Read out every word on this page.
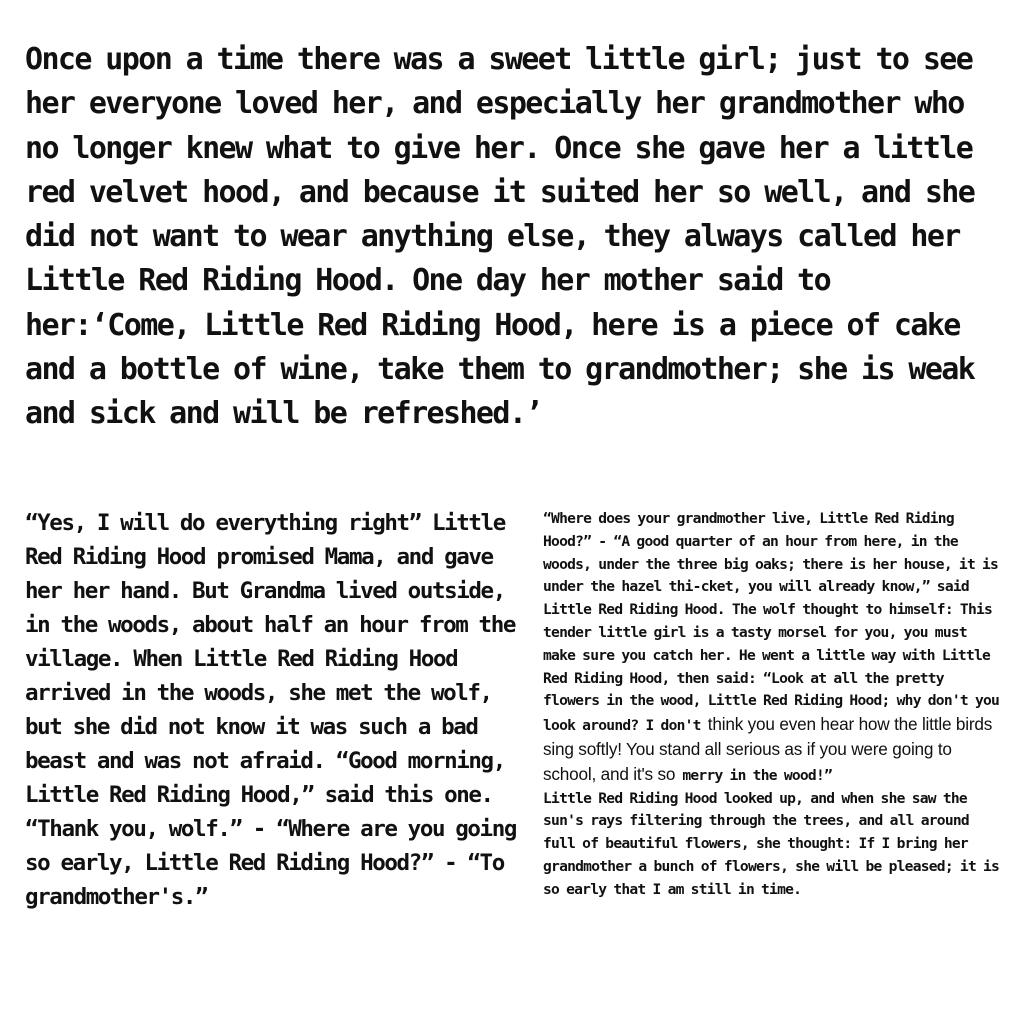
Once upon a time there was a sweet little girl; just to see her everyone loved her, and especially her grandmother who no longer knew what to give her. Once she gave her a little red velvet hood, and because it suited her so well, and she did not want to wear anything else, they always called her Little Red Riding Hood. One day her mother said to her:‘Come, Little Red Riding Hood, here is a piece of cake and a bottle of wine, take them to grandmother; she is weak and sick and will be refreshed.’

“Yes, I will do everything right” Little Red Riding Hood promised Mama, and gave her her hand. But Grandma lived outside, in the woods, about half an hour from the village. When Little Red Riding Hood arrived in the woods, she met the wolf, but she did not know it was such a bad beast and was not afraid. “Good morning, Little Red Riding Hood,” said this one. “Thank you, wolf.” - “Where are you going so early, Little Red Riding Hood?” - “To grandmother's.”

“Where does your grandmother live, Little Red Riding Hood?” - “A good quarter of an hour from here, in the woods, under the three big oaks; there is her house, it is under the hazel thi-cket, you will already know,” said Little Red Riding Hood. The wolf thought to himself: This tender little girl is a tasty morsel for you, you must make sure you catch her. He went a little way with Little Red Riding Hood, then said: “Look at all the pretty flowers in the wood, Little Red Riding Hood; why don't you look around? I don't think you even hear how the little birds sing softly! You stand all serious as if you were going to school, and it's so merry in the wood!”

Little Red Riding Hood looked up, and when she saw the sun's rays filtering through the trees, and all around full of beautiful flowers, she thought: If I bring her grandmother a bunch of flowers, she will be pleased; it is so early that I am still in time.
